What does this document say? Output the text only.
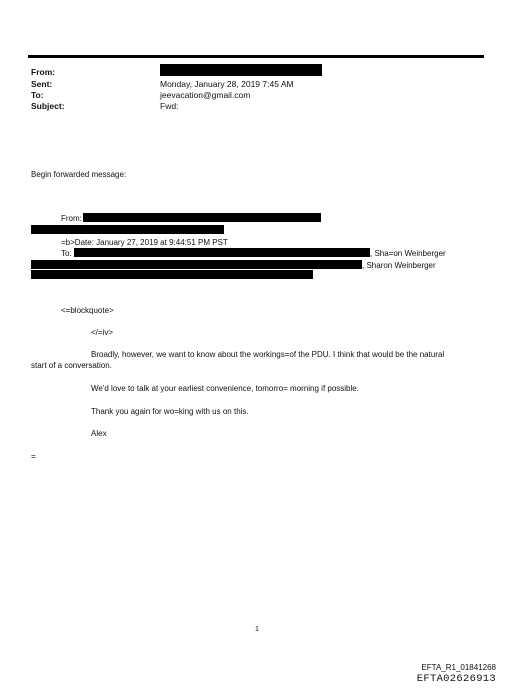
From:
Sent:	Monday, January 28, 2019 7:45 AM
To:	jeevacation@gmail.com
Subject:	Fwd:
Begin forwarded message:
From:
=b>Date: January 27, 2019 at 9:44:51 PM PST
To:	, Sha=on Weinberger
, Sharon Weinberger
<=blockquote>
</=iv>
Broadly, however, we want to know about the workings=of the PDU. I think that would be the natural
start of a conversation.
We'd love to talk at your earliest convenience, tomorro= morning if possible.
Thank you again for wo=king with us on this.
Alex
=
1
EFTA_R1_01841268
EFTA02626913
